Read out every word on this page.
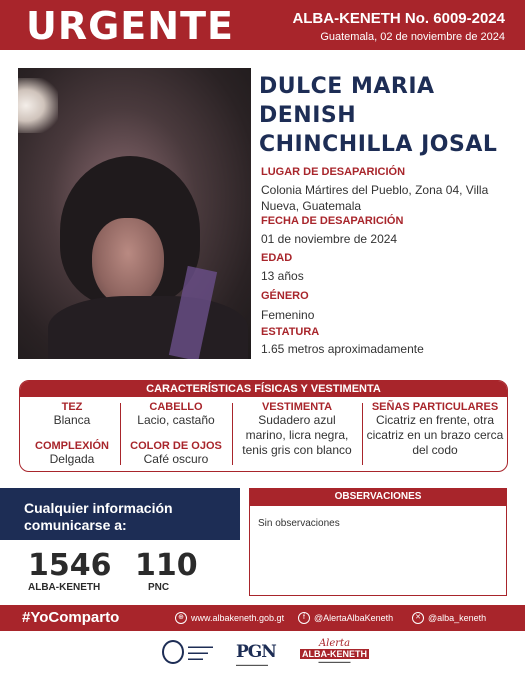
URGENTE	ALBA-KENETH No. 6009-2024
Guatemala, 02 de noviembre de 2024
DULCE MARIA
DENISH
CHINCHILLA JOSAL
LUGAR DE DESAPARICIÓN
Colonia Mártires del Pueblo, Zona 04, Villa Nueva, Guatemala
FECHA DE DESAPARICIÓN
01 de noviembre de 2024
EDAD
13 años
GÉNERO
Femenino
ESTATURA
1.65 metros aproximadamente
CARACTERÍSTICAS FÍSICAS Y VESTIMENTA
TEZ
Blanca
COMPLEXIÓN
Delgada
CABELLO
Lacio, castaño
COLOR DE OJOS
Café oscuro
VESTIMENTA
Sudadero azul marino, licra negra, tenis gris con blanco
SEÑAS PARTICULARES
Cicatriz en frente, otra cicatriz en un brazo cerca del codo
Cualquier información
comunicarse a:
1546
ALBA-KENETH
110
PNC
OBSERVACIONES
Sin observaciones
#YoComparto	⊕ www.albakeneth.gob.gt	f	@AlertaAlbaKeneth	✕ @alba_keneth
▬▬▬▬▬
▬▬▬▬
▬▬▬	PGN
▬▬▬▬▬▬▬▬
Alerta
ALBA-KENETH
▬▬▬▬▬▬▬▬
